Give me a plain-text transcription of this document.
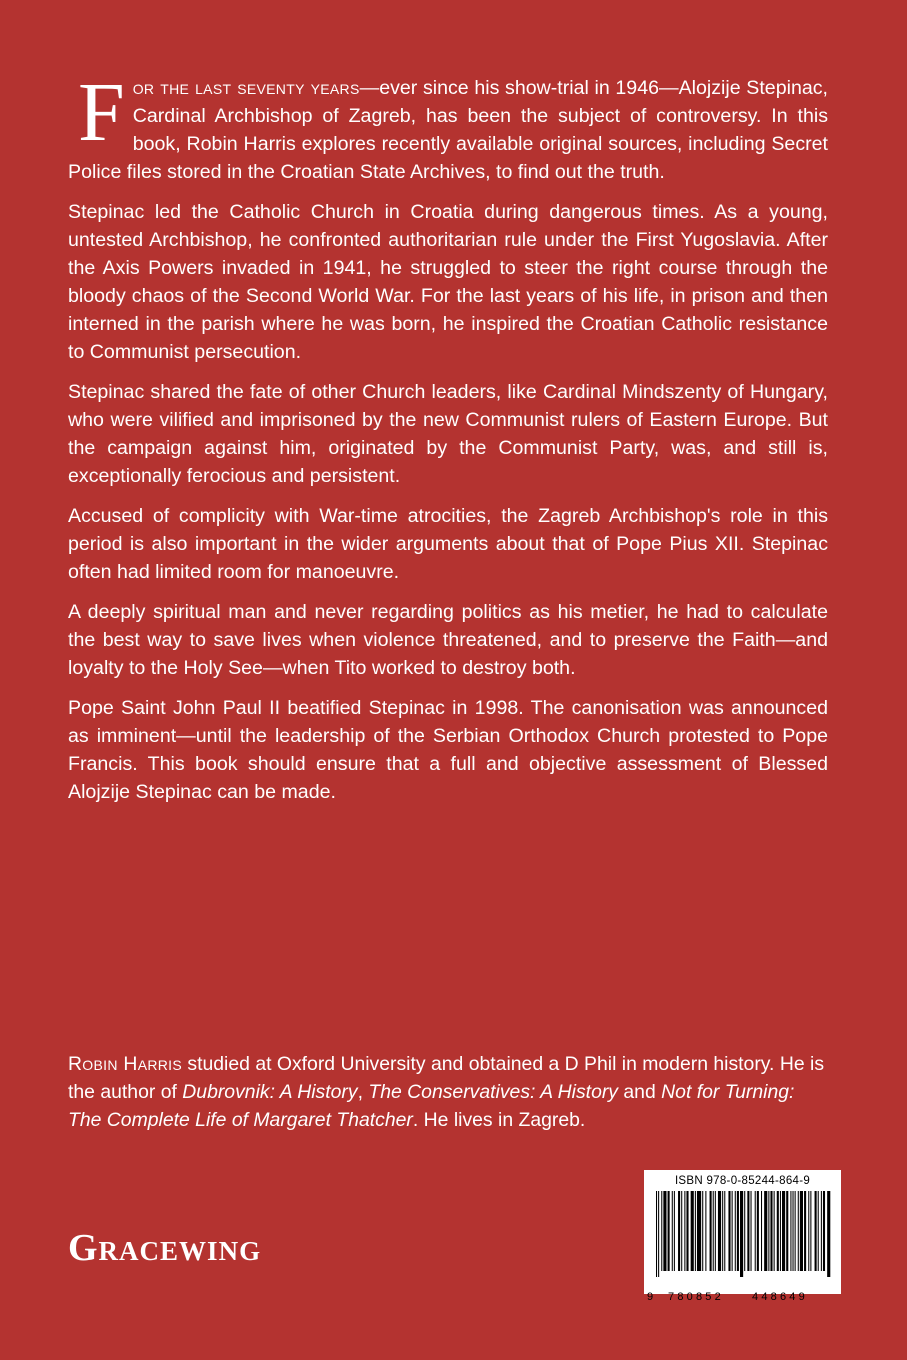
For the last seventy years—ever since his show-trial in 1946—Alojzije Stepinac, Cardinal Archbishop of Zagreb, has been the subject of controversy. In this book, Robin Harris explores recently available original sources, including Secret Police files stored in the Croatian State Archives, to find out the truth.

Stepinac led the Catholic Church in Croatia during dangerous times. As a young, untested Archbishop, he confronted authoritarian rule under the First Yugoslavia. After the Axis Powers invaded in 1941, he struggled to steer the right course through the bloody chaos of the Second World War. For the last years of his life, in prison and then interned in the parish where he was born, he inspired the Croatian Catholic resistance to Communist persecution.

Stepinac shared the fate of other Church leaders, like Cardinal Mindszenty of Hungary, who were vilified and imprisoned by the new Communist rulers of Eastern Europe. But the campaign against him, originated by the Communist Party, was, and still is, exceptionally ferocious and persistent.

Accused of complicity with War-time atrocities, the Zagreb Archbishop's role in this period is also important in the wider arguments about that of Pope Pius XII. Stepinac often had limited room for manoeuvre.

A deeply spiritual man and never regarding politics as his metier, he had to calculate the best way to save lives when violence threatened, and to preserve the Faith—and loyalty to the Holy See—when Tito worked to destroy both.

Pope Saint John Paul II beatified Stepinac in 1998. The canonisation was announced as imminent—until the leadership of the Serbian Orthodox Church protested to Pope Francis. This book should ensure that a full and objective assessment of Blessed Alojzije Stepinac can be made.

Robin Harris studied at Oxford University and obtained a D Phil in modern history. He is the author of Dubrovnik: A History, The Conservatives: A History and Not for Turning: The Complete Life of Margaret Thatcher. He lives in Zagreb.
Gracewing
ISBN 978-0-85244-864-9
9 780852	448649
